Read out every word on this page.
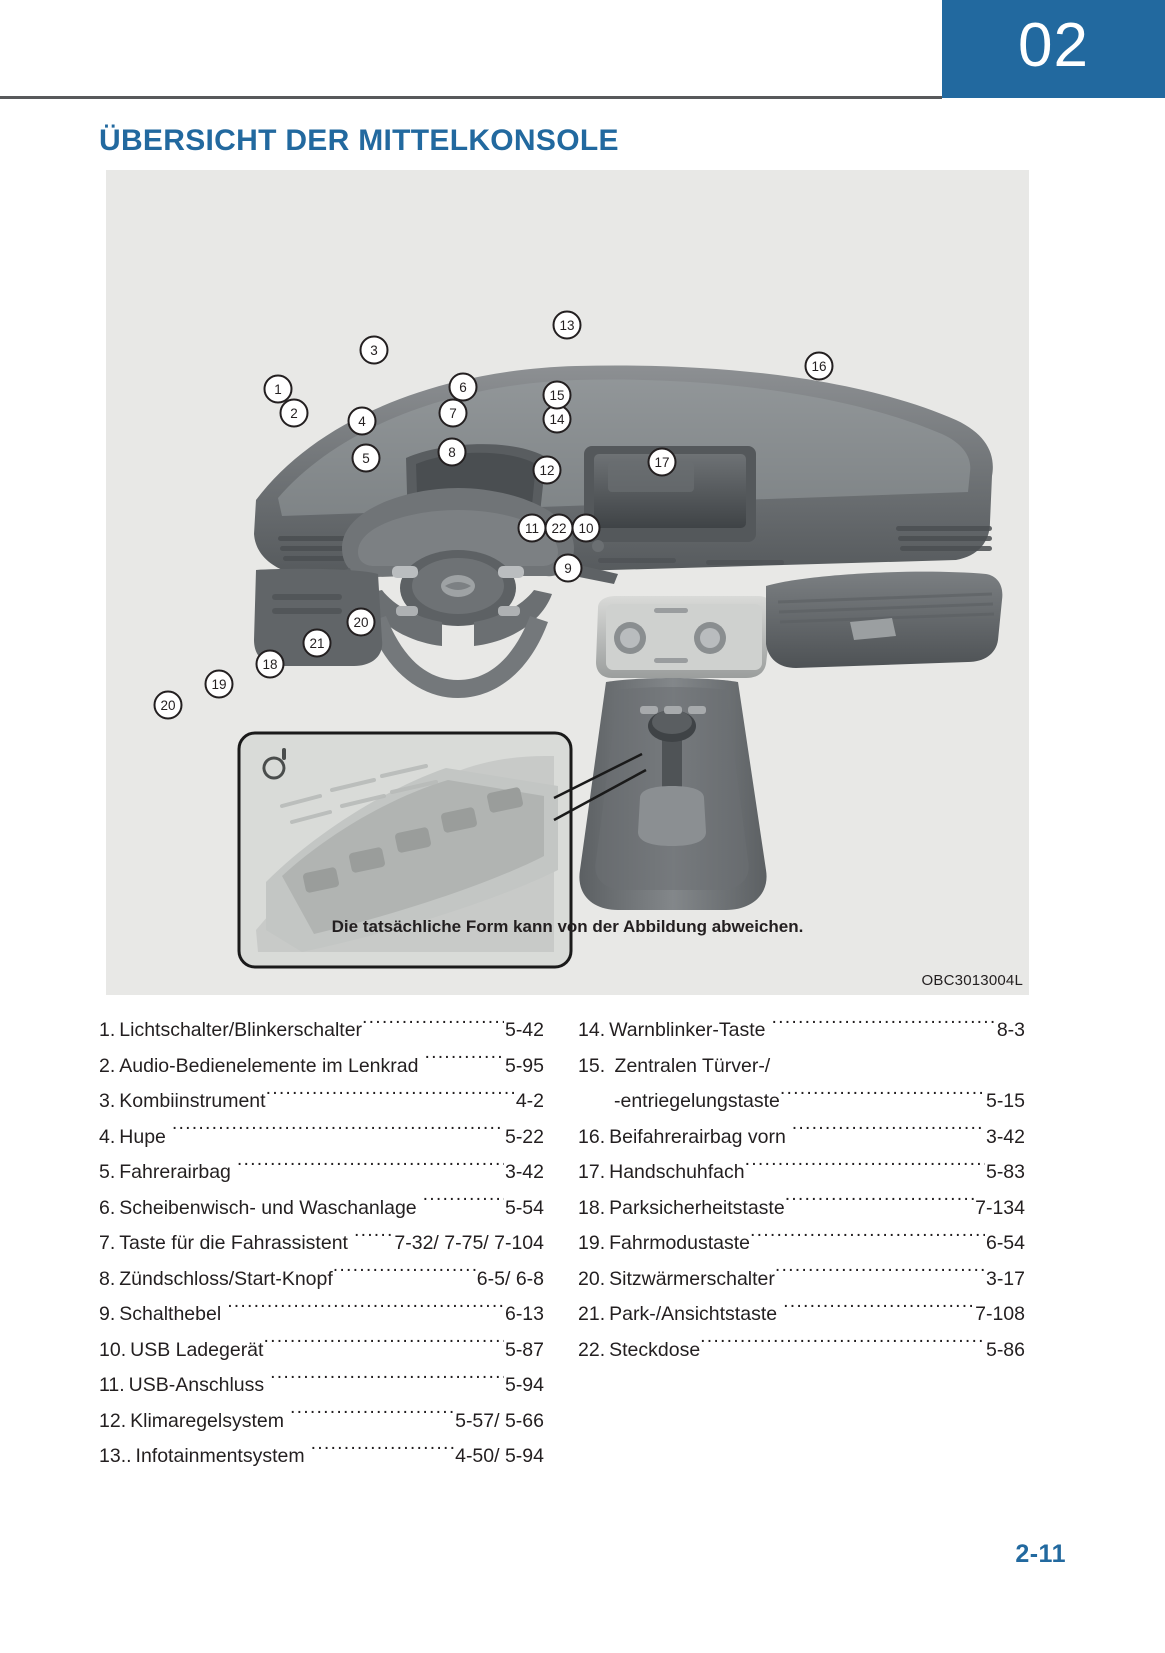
02
ÜBERSICHT DER MITTELKONSOLE
1
2
3
4
5
6
7
8
9
10
11
12
13
14
15
16
17
18
19
20
20
21
22
Die tatsächliche Form kann von der Abbildung abweichen.
OBC3013004L
1. Lichtschalter/Blinkerschalter .....	5-42
2. Audio-Bedienelemente im Lenkrad .....	5-95
3. Kombiinstrument .....	4-2
4. Hupe .....	5-22
5. Fahrerairbag .....	3-42
6. Scheibenwisch- und Waschanlage .....	5-54
7. Taste für die Fahrassistent .....	7-32/ 7-75/ 7-104
8. Zündschloss/Start-Knopf .....	6-5/ 6-8
9. Schalthebel .....	6-13
10. USB Ladegerät .....	5-87
11. USB-Anschluss .....	5-94
12. Klimaregelsystem .....	5-57/ 5-66
13.. Infotainmentsystem .....	4-50/ 5-94
14. Warnblinker-Taste .....	8-3
15. Zentralen Türver-/
-entriegelungstaste .....	5-15
16. Beifahrerairbag vorn .....	3-42
17. Handschuhfach .....	5-83
18. Parksicherheitstaste .....	7-134
19. Fahrmodustaste .....	6-54
20. Sitzwärmerschalter .....	3-17
21. Park-/Ansichtstaste .....	7-108
22. Steckdose .....	5-86
2-11
